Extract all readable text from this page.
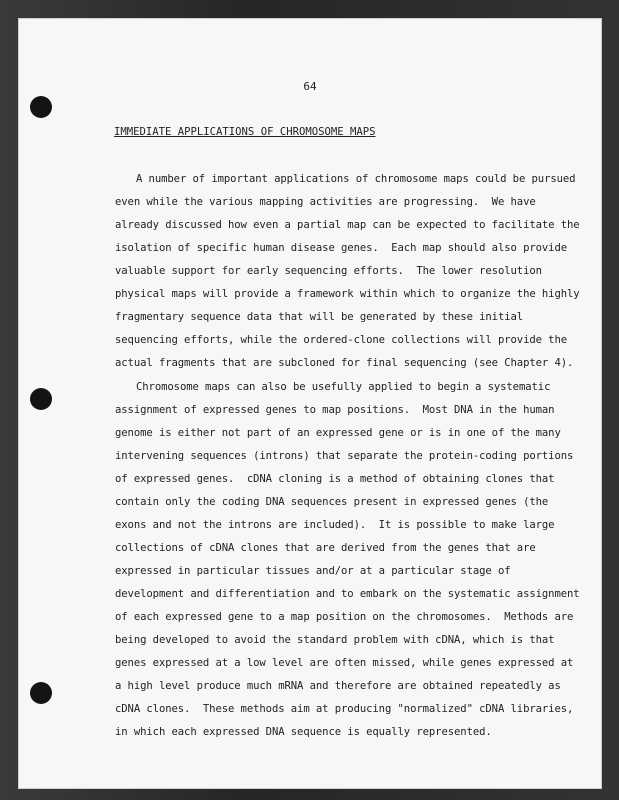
64
IMMEDIATE APPLICATIONS OF CHROMOSOME MAPS
A number of important applications of chromosome maps could be pursued
even while the various mapping activities are progressing.  We have
already discussed how even a partial map can be expected to facilitate the
isolation of specific human disease genes.  Each map should also provide
valuable support for early sequencing efforts.  The lower resolution
physical maps will provide a framework within which to organize the highly
fragmentary sequence data that will be generated by these initial
sequencing efforts, while the ordered-clone collections will provide the
actual fragments that are subcloned for final sequencing (see Chapter 4).
Chromosome maps can also be usefully applied to begin a systematic
assignment of expressed genes to map positions.  Most DNA in the human
genome is either not part of an expressed gene or is in one of the many
intervening sequences (introns) that separate the protein-coding portions
of expressed genes.  cDNA cloning is a method of obtaining clones that
contain only the coding DNA sequences present in expressed genes (the
exons and not the introns are included).  It is possible to make large
collections of cDNA clones that are derived from the genes that are
expressed in particular tissues and/or at a particular stage of
development and differentiation and to embark on the systematic assignment
of each expressed gene to a map position on the chromosomes.  Methods are
being developed to avoid the standard problem with cDNA, which is that
genes expressed at a low level are often missed, while genes expressed at
a high level produce much mRNA and therefore are obtained repeatedly as
cDNA clones.  These methods aim at producing "normalized" cDNA libraries,
in which each expressed DNA sequence is equally represented.
